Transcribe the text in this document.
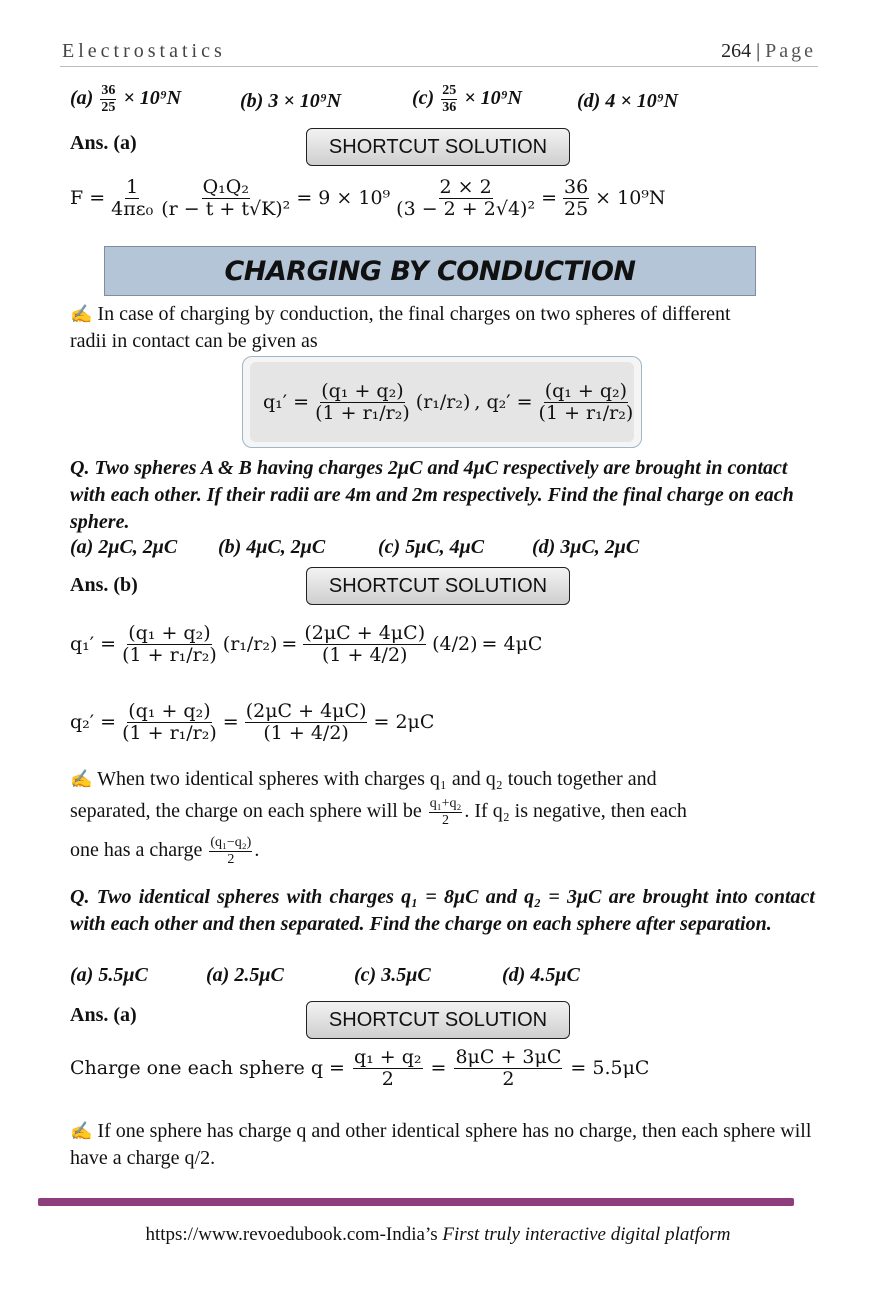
Electrostatics	264 | Page
$(a) \frac{36}{25} \times 10^9N$	(b) 3 × 10⁹N	$(c) \frac{25}{36} \times 10^9N$	(d) 4 × 10⁹N
Ans. (a)	SHORTCUT SOLUTION
$F = \frac{1}{\text{4πε₀}} \frac{\text{Q₁Q₂}}{\text{(r − t + t√K)²}} = 9 \times 10^9 \frac{2 \times 2}{\text{(3 − 2 + 2√4)²}} = \frac{36}{25} \times 10^9N$
CHARGING BY CONDUCTION
✍ In case of charging by conduction, the final charges on two spheres of different radii in contact can be given as
$q_1' = \frac{\text{(q₁ + q₂)}}{\text{(1 + r₁/r₂)}} (r_1/r_2)$ , $q_2' = \frac{\text{(q₁ + q₂)}}{\text{(1 + r₁/r₂)}}$
Q. Two spheres A & B having charges 2μC and 4μC respectively are brought in contact with each other. If their radii are 4m and 2m respectively. Find the final charge on each sphere.
(a) 2μC, 2μC (b) 4μC, 2μC	(c) 5μC, 4μC (d) 3μC, 2μC
Ans. (b)	SHORTCUT SOLUTION
$q_1' = \frac{\text{(q₁ + q₂)}}{\text{(1 + r₁/r₂)}} (r_1/r_2) = \frac{(2\mu C + 4\mu C)}{(1 + 4/2)} (4/2) = 4\mu C$
$q_2' = \frac{\text{(q₁ + q₂)}}{\text{(1 + r₁/r₂)}} = \frac{(2\mu C + 4\mu C)}{(1 + 4/2)} = 2\mu C$
✍ When two identical spheres with charges q₁ and q₂ touch together and
separated, the charge on each sphere will be $\frac{\text{q₁+q₂}}{2}$ . If q₂ is negative, then each
one has a charge $\frac{\text{(q₁−q₂)}}{2}$ .
Q. Two identical spheres with charges q₁ = 8μC and q₂ = 3μC are brought into contact with each other and then separated. Find the charge on each sphere after separation.
(a) 5.5μC	(a) 2.5μC	(c) 3.5μC	(d) 4.5μC
Ans. (a)	SHORTCUT SOLUTION
Charge one each sphere $q = \frac{\text{q₁ + q₂}}{2} = \frac{8\mu C + 3\mu C}{2} = 5.5\mu C$
✍ If one sphere has charge q and other identical sphere has no charge, then each sphere will have a charge q/2.
https://www.revoedubook.com-India’s First truly interactive digital platform
